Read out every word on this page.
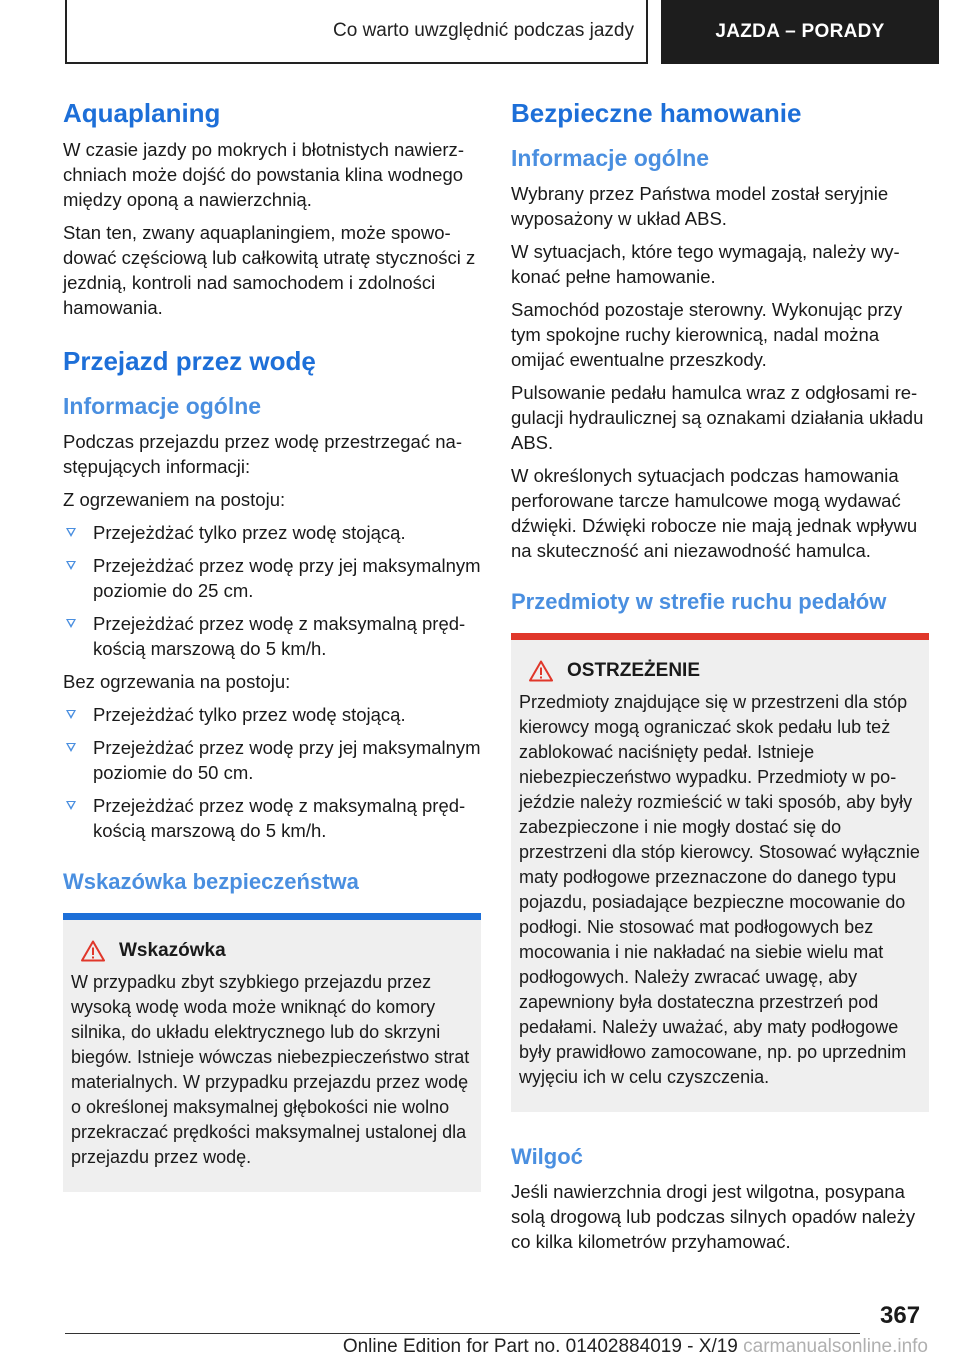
Co warto uwzględnić podczas jazdy	JAZDA – PORADY
Aquaplaning

W czasie jazdy po mokrych i błotnistych nawierzchniach może dojść do powstania klina wodnego między oponą a nawierzchnią.

Stan ten, zwany aquaplaningiem, może spowodować częściową lub całkowitą utratę styczności z jezdnią, kontroli nad samochodem i zdolności hamowania.

Przejazd przez wodę
Informacje ogólne

Podczas przejazdu przez wodę przestrzegać następujących informacji:

Z ogrzewaniem na postoju:

Przejeżdżać tylko przez wodę stojącą.
Przejeżdżać przez wodę przy jej maksymalnym poziomie do 25 cm.
Przejeżdżać przez wodę z maksymalną prędkością marszową do 5 km/h.

Bez ogrzewania na postoju:

Przejeżdżać tylko przez wodę stojącą.
Przejeżdżać przez wodę przy jej maksymalnym poziomie do 50 cm.
Przejeżdżać przez wodę z maksymalną prędkością marszową do 5 km/h.
Wskazówka bezpieczeństwa
Wskazówka

W przypadku zbyt szybkiego przejazdu przez wysoką wodę woda może wniknąć do komory silnika, do układu elektrycznego lub do skrzyni biegów. Istnieje wówczas niebezpieczeństwo strat materialnych. W przypadku przejazdu przez wodę o określonej maksymalnej głębokości nie wolno przekraczać prędkości maksymalnej ustalonej dla przejazdu przez wodę.

Bezpieczne hamowanie
Informacje ogólne

Wybrany przez Państwa model został seryjnie wyposażony w układ ABS.

W sytuacjach, które tego wymagają, należy wykonać pełne hamowanie.

Samochód pozostaje sterowny. Wykonując przy tym spokojne ruchy kierownicą, nadal można omijać ewentualne przeszkody.

Pulsowanie pedału hamulca wraz z odgłosami regulacji hydraulicznej są oznakami działania układu ABS.

W określonych sytuacjach podczas hamowania perforowane tarcze hamulcowe mogą wydawać dźwięki. Dźwięki robocze nie mają jednak wpływu na skuteczność ani niezawodność hamulca.

Przedmioty w strefie ruchu pedałów
OSTRZEŻENIE

Przedmioty znajdujące się w przestrzeni dla stóp kierowcy mogą ograniczać skok pedału lub też zablokować naciśnięty pedał. Istnieje niebezpieczeństwo wypadku. Przedmioty w pojeździe należy rozmieścić w taki sposób, aby były zabezpieczone i nie mogły dostać się do przestrzeni dla stóp kierowcy. Stosować wyłącznie maty podłogowe przeznaczone do danego typu pojazdu, posiadające bezpieczne mocowanie do podłogi. Nie stosować mat podłogowych bez mocowania i nie nakładać na siebie wielu mat podłogowych. Należy zwracać uwagę, aby zapewniony była dostateczna przestrzeń pod pedałami. Należy uważać, aby maty podłogowe były prawidłowo zamocowane, np. po uprzednim wyjęciu ich w celu czyszczenia.

Wilgoć

Jeśli nawierzchnia drogi jest wilgotna, posypana solą drogową lub podczas silnych opadów należy co kilka kilometrów przyhamować.

367
Online Edition for Part no. 01402884019 - X/19 carmanualsonline.info
